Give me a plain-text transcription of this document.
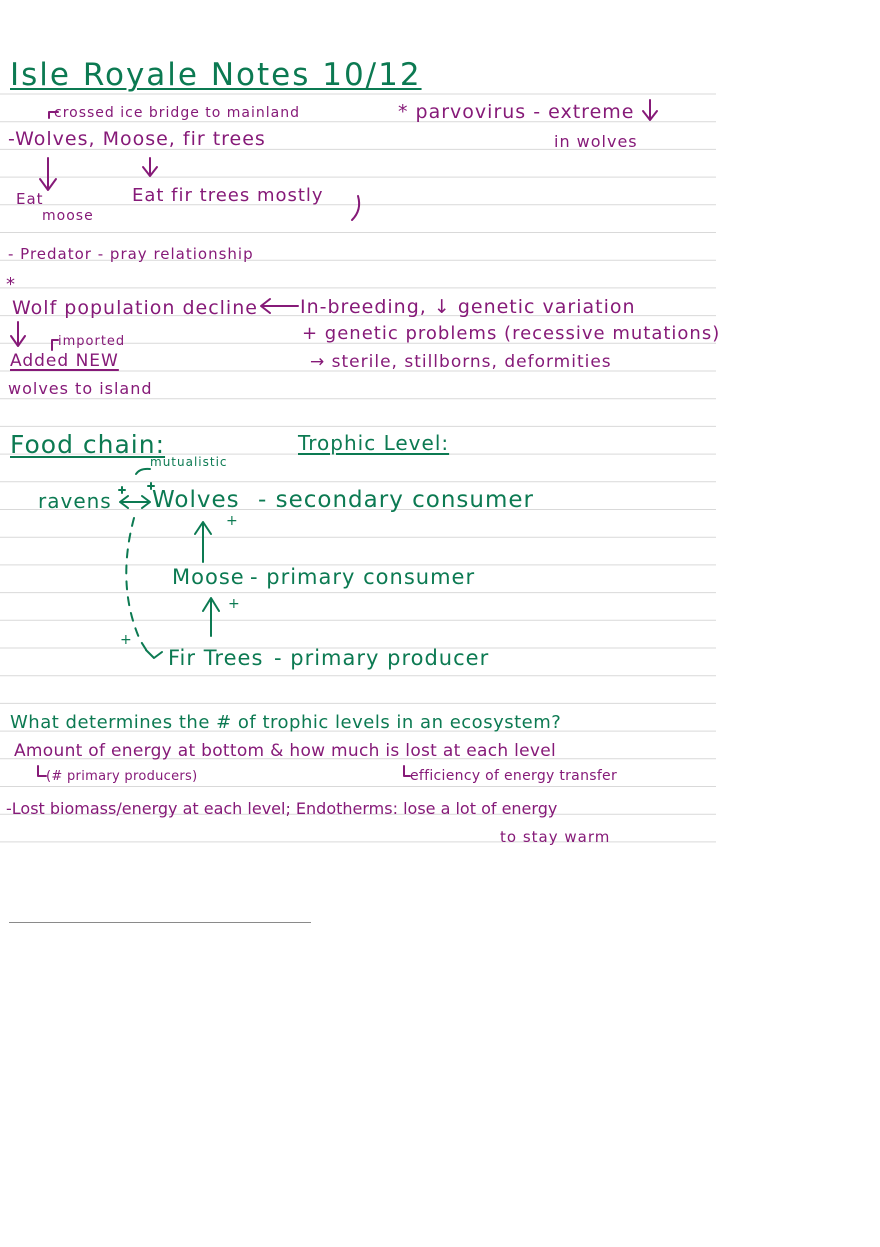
Isle Royale Notes 10/12
crossed ice bridge to mainland
-Wolves, Moose, fir trees
* parvovirus - extreme
in wolves
Eat
moose
Eat fir trees mostly
- Predator - pray relationship
*
Wolf population decline In-breeding, ↓ genetic variation
imported	+ genetic problems (recessive mutations)
Added NEW	→ sterile, stillborns, deformities
wolves to island
Food chain:	Trophic Level:
mutualistic
ravens Wolves - secondary consumer
+
Moose - primary consumer
+
+
Fir Trees - primary producer
What determines the # of trophic levels in an ecosystem?
Amount of energy at bottom & how much is lost at each level
(# primary producers)	efficiency of energy transfer
-Lost biomass/energy at each level; Endotherms: lose a lot of energy
to stay warm
